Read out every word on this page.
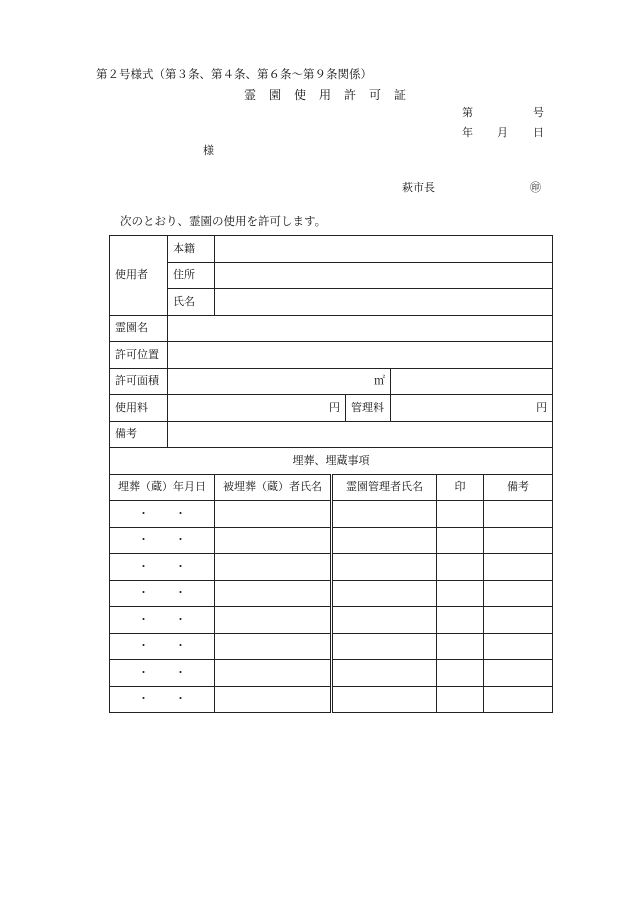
第２号様式（第３条、第４条、第６条～第９条関係）
霊園使用許可証
第	号
年 月 日
様
萩市長	㊞
次のとおり、霊園の使用を許可します。
使用者	本籍						
	住所						
	氏名						
霊園名							
許可位置							
許可面積	㎡						
使用料	円			管理料	円		
備考							
埋葬、埋蔵事項							
埋葬（蔵）年月日		被埋葬（蔵）者氏名	霊園管理者氏名			印	備考
・ ・							
・ ・							
・ ・							
・ ・							
・ ・							
・ ・							
・ ・							
・ ・							
